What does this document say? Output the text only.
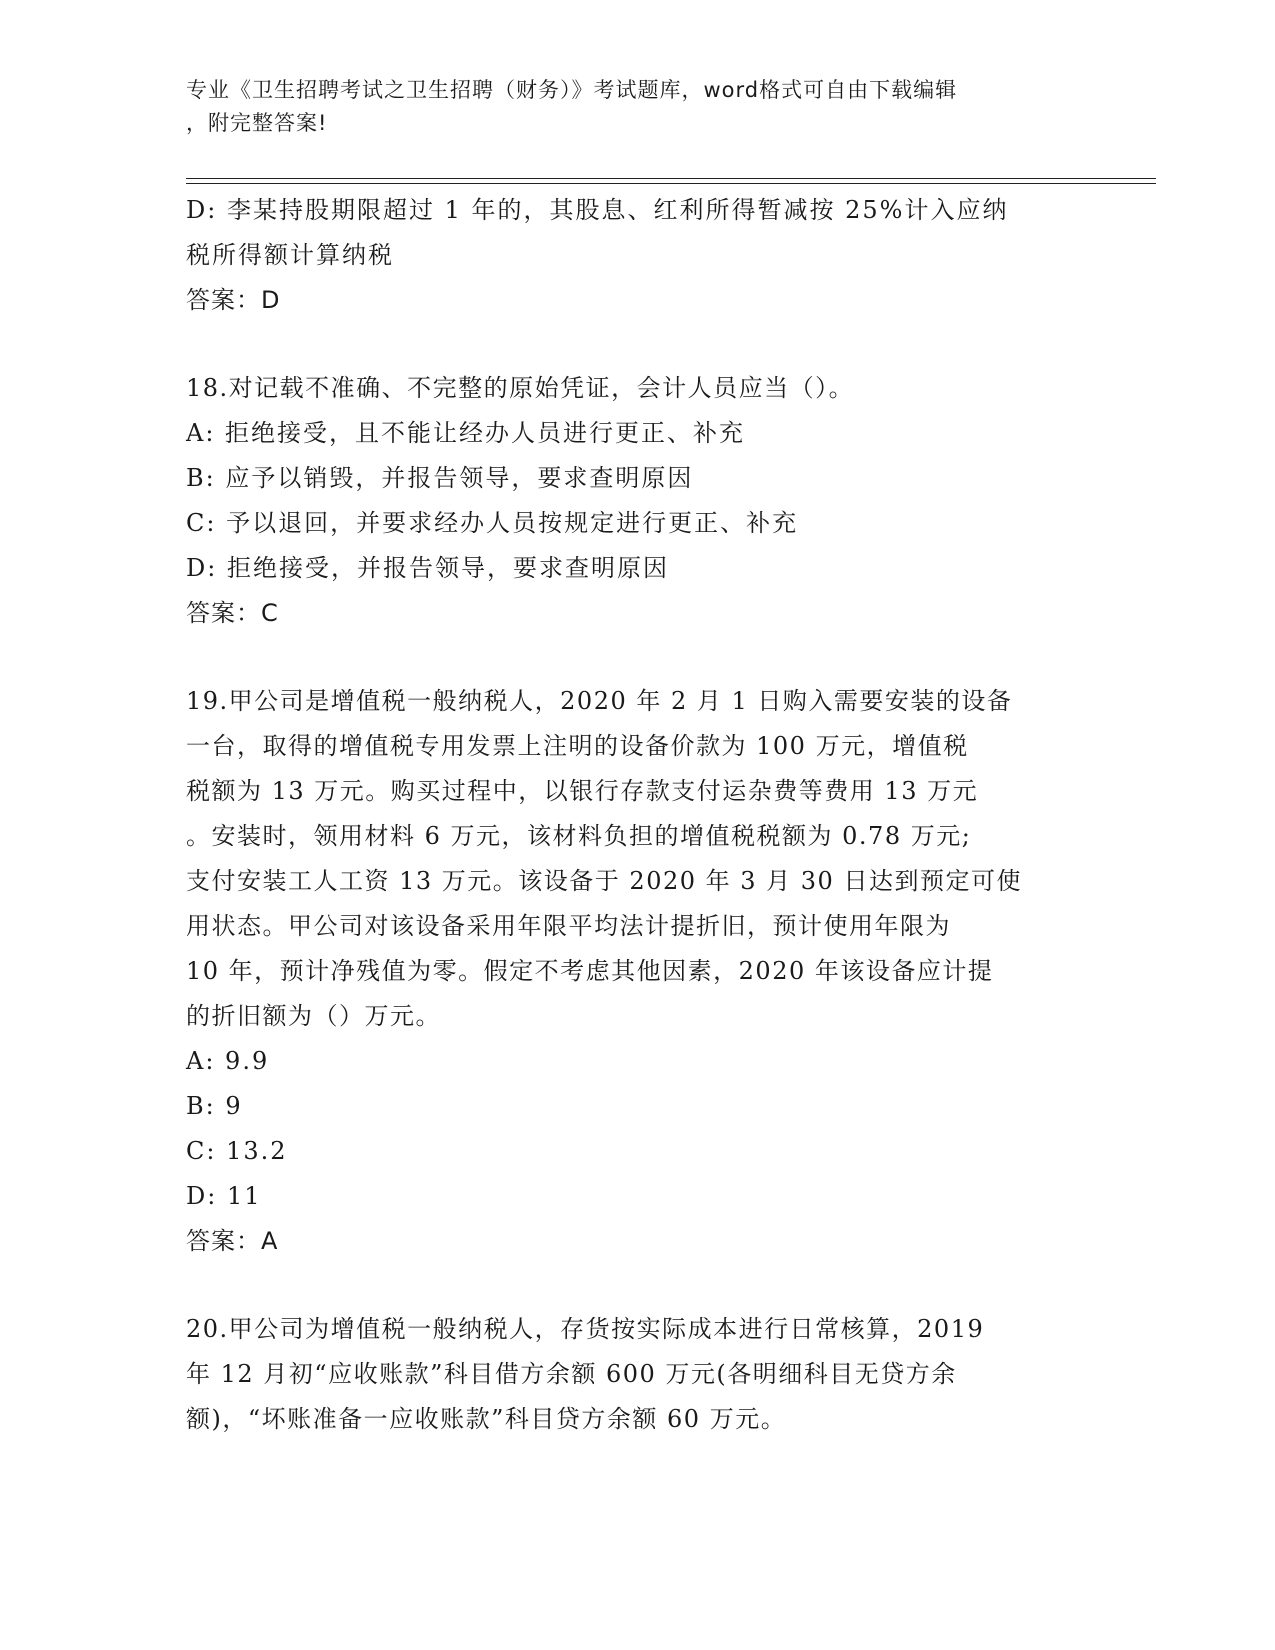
专业《卫生招聘考试之卫生招聘（财务）》考试题库，word格式可自由下载编辑
，附完整答案!
D: 李某持股期限超过 1 年的，其股息、红利所得暂减按 25%计入应纳
税所得额计算纳税
答案：D
18.对记载不准确、不完整的原始凭证，会计人员应当（）。
A: 拒绝接受，且不能让经办人员进行更正、补充
B: 应予以销毁，并报告领导，要求查明原因
C: 予以退回，并要求经办人员按规定进行更正、补充
D: 拒绝接受，并报告领导，要求查明原因
答案：C
19.甲公司是增值税一般纳税人，2020 年 2 月 1 日购入需要安装的设备
一台，取得的增值税专用发票上注明的设备价款为 100 万元，增值税
税额为 13 万元。购买过程中，以银行存款支付运杂费等费用 13 万元
。安装时，领用材料 6 万元，该材料负担的增值税税额为 0.78 万元;
支付安装工人工资 13 万元。该设备于 2020 年 3 月 30 日达到预定可使
用状态。甲公司对该设备采用年限平均法计提折旧，预计使用年限为
10 年，预计净残值为零。假定不考虑其他因素，2020 年该设备应计提
的折旧额为（）万元。
A: 9.9
B: 9
C: 13.2
D: 11
答案：A
20.甲公司为增值税一般纳税人，存货按实际成本进行日常核算，2019
年 12 月初“应收账款”科目借方余额 600 万元(各明细科目无贷方余
额)，“坏账准备一应收账款”科目贷方余额 60 万元。
